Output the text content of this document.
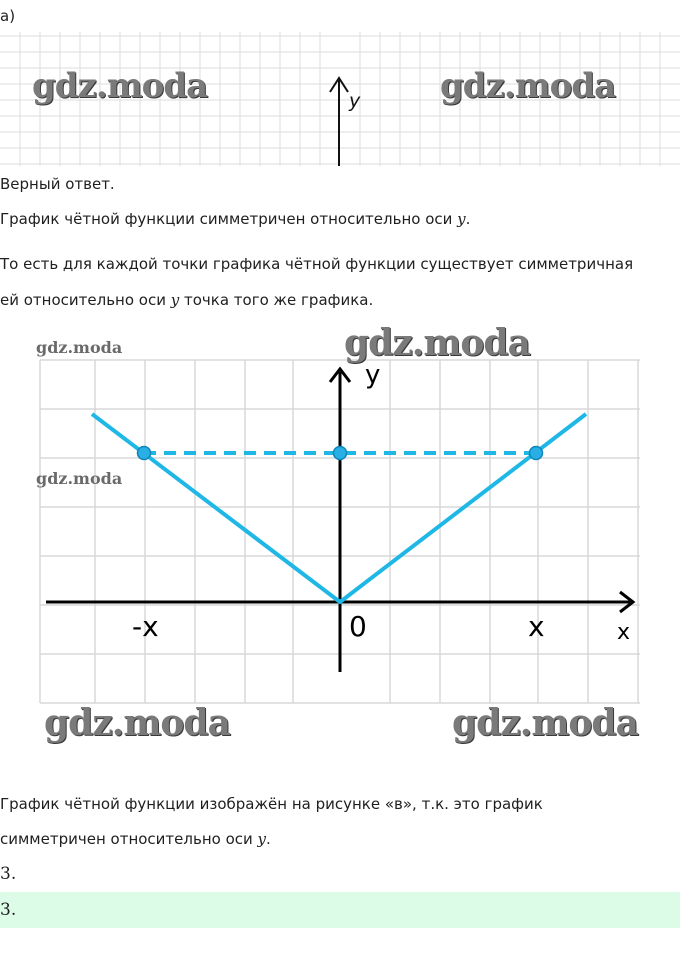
а)
gdz.moda	gdz.moda
y
Верный ответ.
График чётной функции симметричен относительно оси y.
То есть для каждой точки графика чётной функции существует симметричная
ей относительно оси y точка того же графика.
gdz.moda
gdz.moda
gdz.moda
y
-x	0	x	x
gdz.moda	gdz.moda
График чётной функции изображён на рисунке «в», т.к. это график
симметричен относительно оси y.
3.
3.
